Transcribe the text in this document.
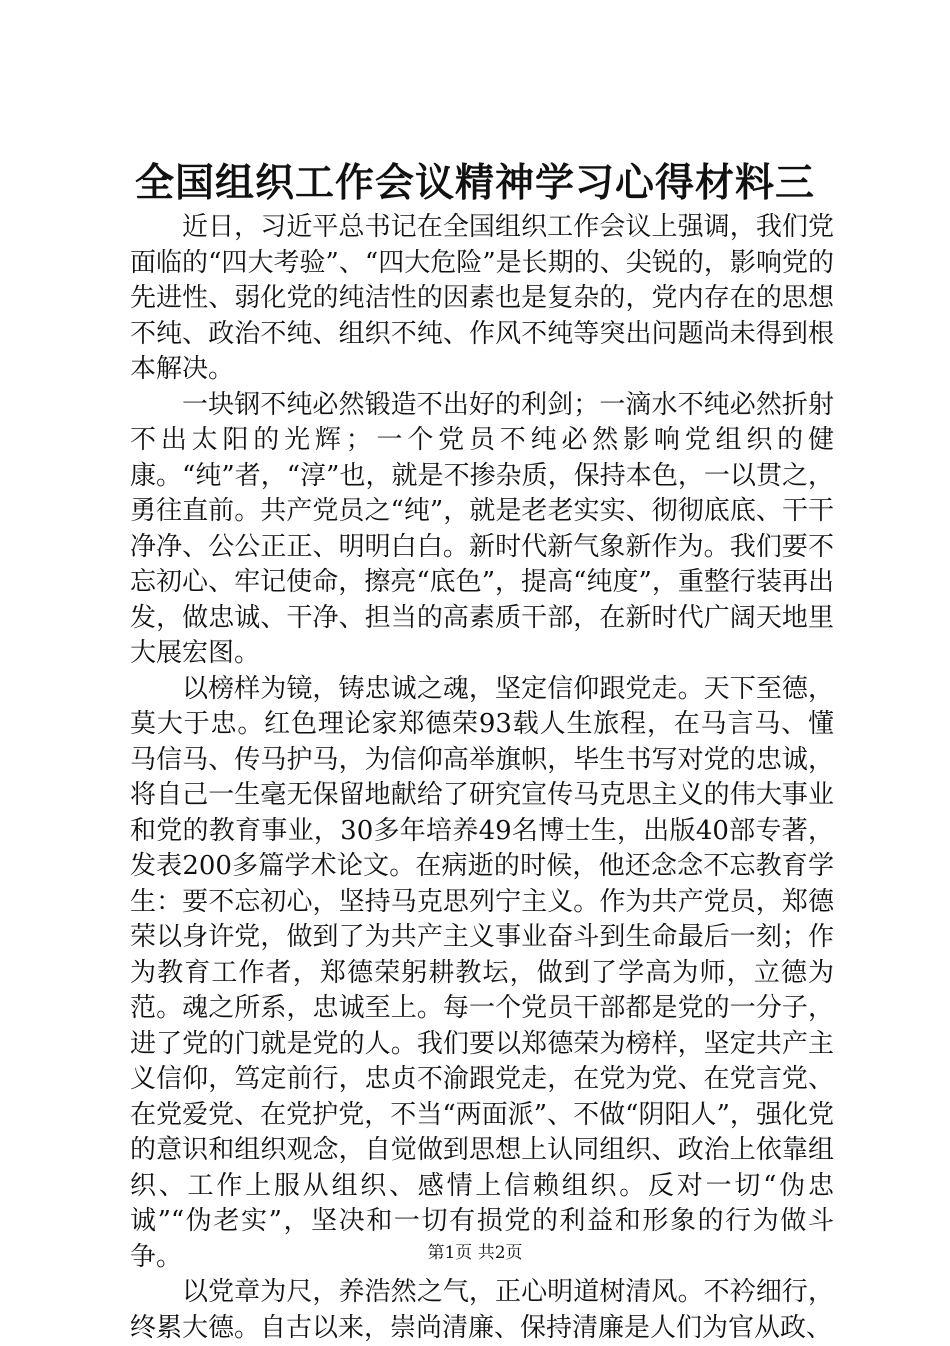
全国组织工作会议精神学习心得材料三

近日，习近平总书记在全国组织工作会议上强调，我们党面临的“四大考验”、“四大危险”是长期的、尖锐的，影响党的先进性、弱化党的纯洁性的因素也是复杂的，党内存在的思想不纯、政治不纯、组织不纯、作风不纯等突出问题尚未得到根本解决。

一块钢不纯必然锻造不出好的利剑；一滴水不纯必然折射不出太阳的光辉；一个党员不纯必然影响党组织的健康。“纯”者，“淳”也，就是不掺杂质，保持本色，一以贯之，勇往直前。共产党员之“纯”，就是老老实实、彻彻底底、干干净净、公公正正、明明白白。新时代新气象新作为。我们要不忘初心、牢记使命，擦亮“底色”，提高“纯度”，重整行装再出发，做忠诚、干净、担当的高素质干部，在新时代广阔天地里大展宏图。

以榜样为镜，铸忠诚之魂，坚定信仰跟党走。天下至德，莫大于忠。红色理论家郑德荣93载人生旅程，在马言马、懂马信马、传马护马，为信仰高举旗帜，毕生书写对党的忠诚，将自己一生毫无保留地献给了研究宣传马克思主义的伟大事业和党的教育事业，30多年培养49名博士生，出版40部专著，发表200多篇学术论文。在病逝的时候，他还念念不忘教育学生：要不忘初心，坚持马克思列宁主义。作为共产党员，郑德荣以身许党，做到了为共产主义事业奋斗到生命最后一刻；作为教育工作者，郑德荣躬耕教坛，做到了学高为师，立德为范。魂之所系，忠诚至上。每一个党员干部都是党的一分子，进了党的门就是党的人。我们要以郑德荣为榜样，坚定共产主义信仰，笃定前行，忠贞不渝跟党走，在党为党、在党言党、在党爱党、在党护党，不当“两面派”、不做“阴阳人”，强化党的意识和组织观念，自觉做到思想上认同组织、政治上依靠组织、工作上服从组织、感情上信赖组织。反对一切“伪忠诚”“伪老实”，坚决和一切有损党的利益和形象的行为做斗争。

以党章为尺，养浩然之气，正心明道树清风。不衿细行，终累大德。自古以来，崇尚清廉、保持清廉是人们为官从政、

第1页 共2页
